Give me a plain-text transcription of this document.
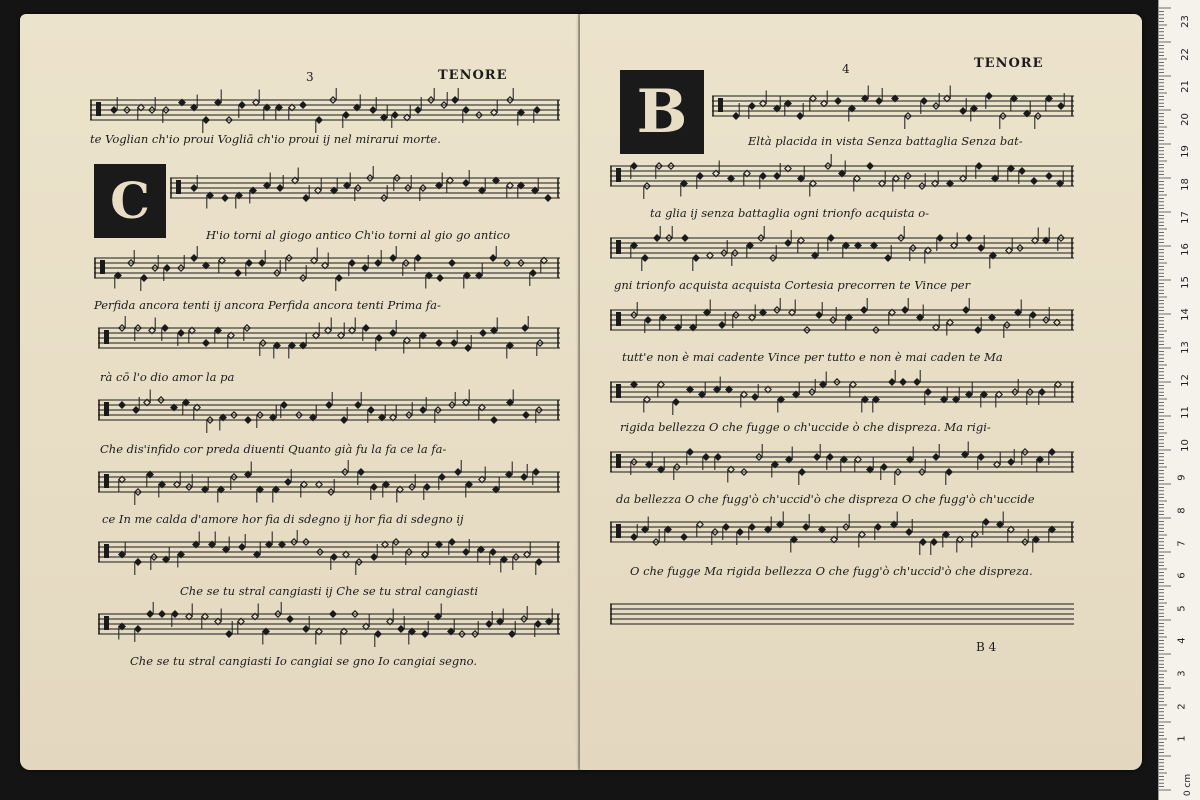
3	TENORE
te Voglian ch'io proui Vogliā ch'io proui ij nel mirarui morte.
C
H'io torni al giogo antico Ch'io torni al gio go antico
Perfida ancora tenti ij ancora Perfida ancora tenti Prima fa-
rà cō l'o dio amor la pa
Che dis'infido cor preda diuenti Quanto già fu la fa ce la fa-
ce In me calda d'amore hor fia di sdegno ij hor fia di sdegno ij
Che se tu stral cangiasti ij Che se tu stral cangiasti
Che se tu stral cangiasti Io cangiai se gno Io cangiai segno.
4	TENORE
B	Eltà placida in vista Senza battaglia Senza bat-
ta glia ij senza battaglia ogni trionfo acquista o-
gni trionfo acquista acquista Cortesia precorren te Vince per
tutt'e non è mai cadente Vince per tutto e non è mai caden te Ma
rigida bellezza O che fugge o ch'uccide ò che dispreza. Ma rigi-
da bellezza O che fugg'ò ch'uccid'ò che dispreza O che fugg'ò ch'uccide
O che fugge Ma rigida bellezza O che fugg'ò ch'uccid'ò che dispreza.
B 4
23
22
21
20
19
18
17
16
15
14
13
12
11
10
9
8
7
6
5
4
3
2
1
0 cm
